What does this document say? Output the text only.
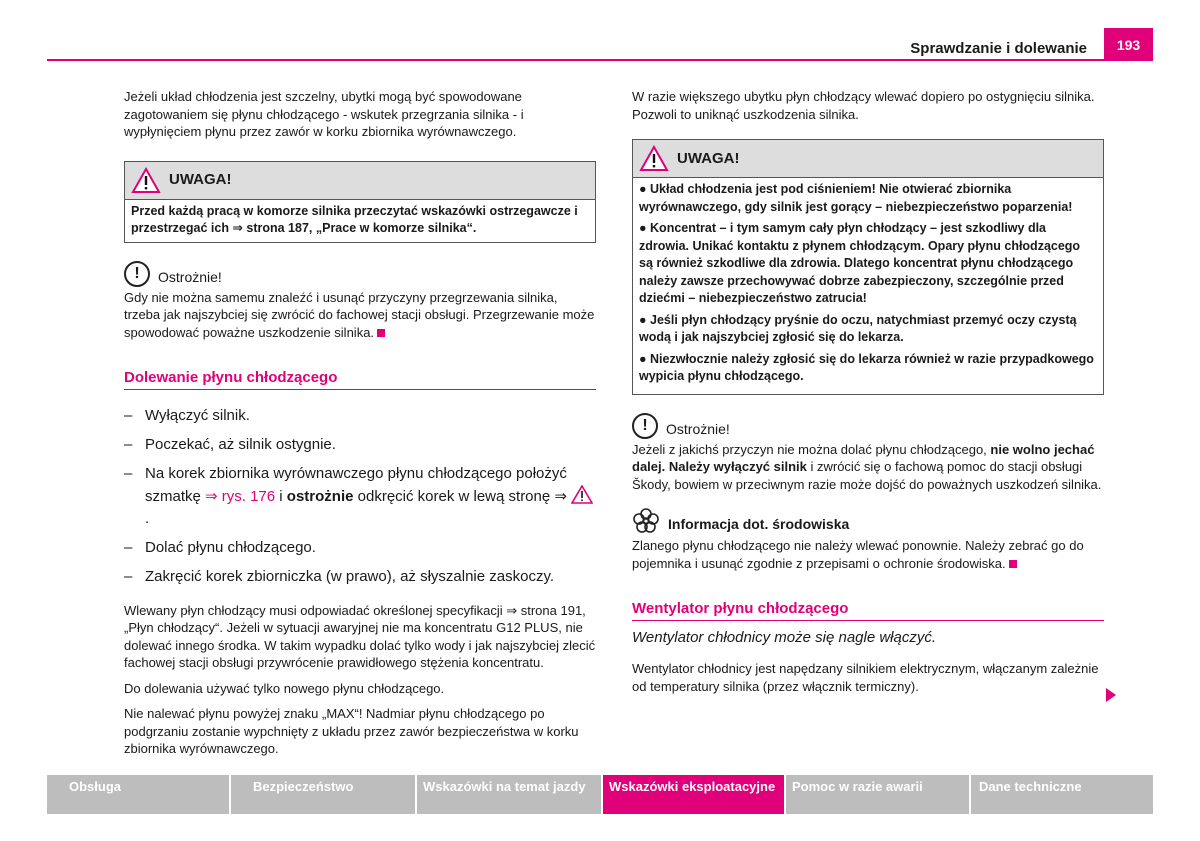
Sprawdzanie i dolewanie	193

Jeżeli układ chłodzenia jest szczelny, ubytki mogą być spowodowane zagotowaniem się płynu chłodzącego - wskutek przegrzania silnika - i wypłynięciem płynu przez zawór w korku zbiornika wyrównawczego.

UWAGA!
Przed każdą pracą w komorze silnika przeczytać wskazówki ostrzegawcze i przestrzegać ich ⇒ strona 187, „Prace w komorze silnika“.
!	Ostrożnie!

Gdy nie można samemu znaleźć i usunąć przyczyny przegrzewania silnika, trzeba jak najszybciej się zwrócić do fachowej stacji obsługi. Przegrzewanie może spowodować poważne uszkodzenie silnika.

Dolewanie płynu chłodzącego
– Wyłączyć silnik.
– Poczekać, aż silnik ostygnie.
– Na korek zbiornika wyrównawczego płynu chłodzącego położyć szmatkę ⇒ rys. 176 i ostrożnie odkręcić korek w lewą stronę ⇒ .
– Dolać płynu chłodzącego.
– Zakręcić korek zbiorniczka (w prawo), aż słyszalnie zaskoczy.

Wlewany płyn chłodzący musi odpowiadać określonej specyfikacji ⇒ strona 191, „Płyn chłodzący“. Jeżeli w sytuacji awaryjnej nie ma koncentratu G12 PLUS, nie dolewać innego środka. W takim wypadku dolać tylko wody i jak najszybciej zlecić fachowej stacji obsługi przywrócenie prawidłowego stężenia koncentratu.

Do dolewania używać tylko nowego płynu chłodzącego.

Nie nalewać płynu powyżej znaku „MAX“! Nadmiar płynu chłodzącego po podgrzaniu zostanie wypchnięty z układu przez zawór bezpieczeństwa w korku zbiornika wyrównawczego.

W razie większego ubytku płyn chłodzący wlewać dopiero po ostygnięciu silnika. Pozwoli to uniknąć uszkodzenia silnika.

UWAGA!
● Układ chłodzenia jest pod ciśnieniem! Nie otwierać zbiornika wyrównawczego, gdy silnik jest gorący – niebezpieczeństwo poparzenia!
● Koncentrat – i tym samym cały płyn chłodzący – jest szkodliwy dla zdrowia. Unikać kontaktu z płynem chłodzącym. Opary płynu chłodzącego są również szkodliwe dla zdrowia. Dlatego koncentrat płynu chłodzącego należy zawsze przechowywać dobrze zabezpieczony, szczególnie przed dziećmi – niebezpieczeństwo zatrucia!
● Jeśli płyn chłodzący pryśnie do oczu, natychmiast przemyć oczy czystą wodą i jak najszybciej zgłosić się do lekarza.
● Niezwłocznie należy zgłosić się do lekarza również w razie przypadkowego wypicia płynu chłodzącego.
!	Ostrożnie!

Jeżeli z jakichś przyczyn nie można dolać płynu chłodzącego, nie wolno jechać dalej. Należy wyłączyć silnik i zwrócić się o fachową pomoc do stacji obsługi Škody, bowiem w przeciwnym razie może dojść do poważnych uszkodzeń silnika.

Informacja dot. środowiska

Zlanego płynu chłodzącego nie należy wlewać ponownie. Należy zebrać go do pojemnika i usunąć zgodnie z przepisami o ochronie środowiska.

Wentylator płynu chłodzącego

Wentylator chłodnicy może się nagle włączyć.

Wentylator chłodnicy jest napędzany silnikiem elektrycznym, włączanym zależnie od temperatury silnika (przez włącznik termiczny).

Obsługa	Bezpieczeństwo	Wskazówki na temat jazdy	Wskazówki eksploatacyjne	Pomoc w razie awarii	Dane techniczne
